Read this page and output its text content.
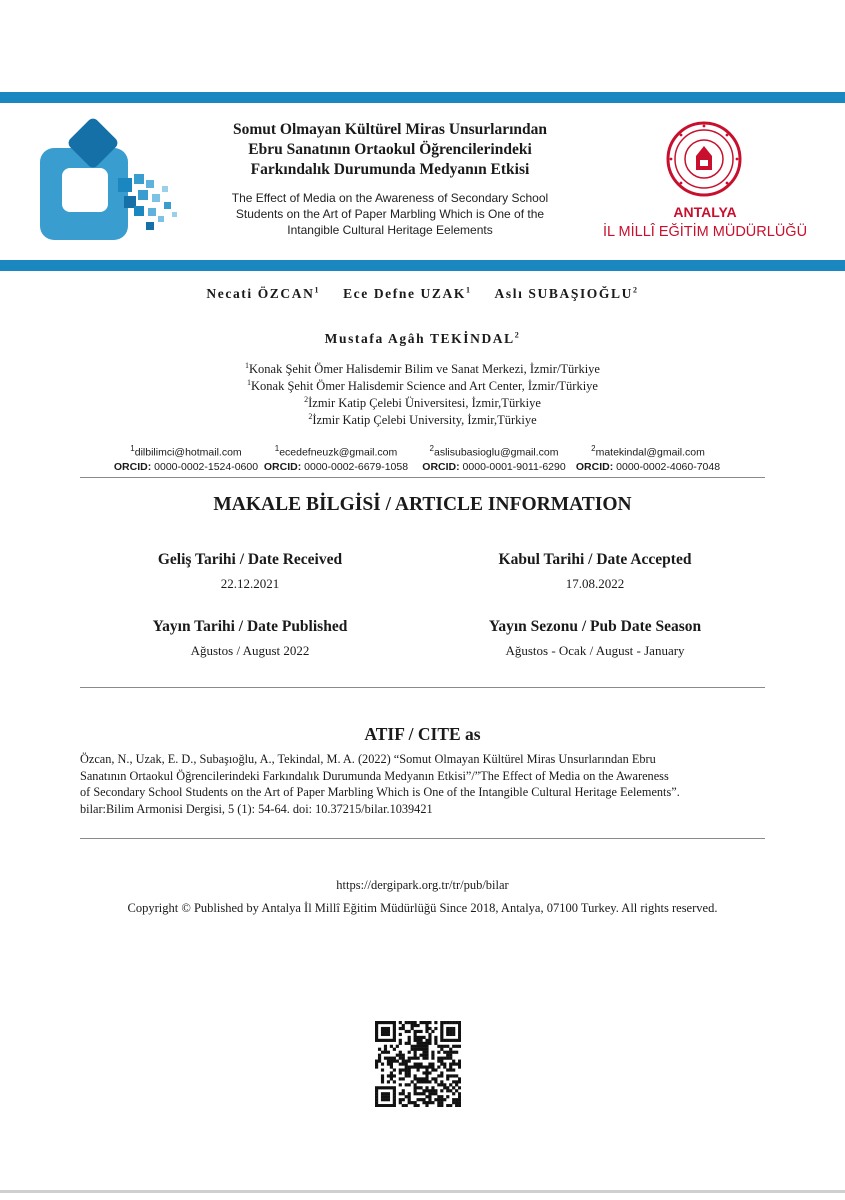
Somut Olmayan Kültürel Miras Unsurlarından
Ebru Sanatının Ortaokul Öğrencilerindeki
Farkındalık Durumunda Medyanın Etkisi
The Effect of Media on the Awareness of Secondary School
Students on the Art of Paper Marbling Which is One of the
Intangible Cultural Heritage Eelements
ANTALYA
İL MİLLÎ EĞİTİM MÜDÜRLÜĞÜ
Necati ÖZCAN$^1$ Ece Defne UZAK$^1$ Aslı SUBAŞIOĞLU$^2$
Mustafa Agâh TEKİNDAL$^2$
$^1$Konak Şehit Ömer Halisdemir Bilim ve Sanat Merkezi, İzmir/Türkiye
$^1$Konak Şehit Ömer Halisdemir Science and Art Center, İzmir/Türkiye
$^2$İzmir Katip Çelebi Üniversitesi, İzmir,Türkiye
$^2$İzmir Katip Çelebi University, İzmir,Türkiye
$^1$dilbilimci@hotmail.com
ORCID: 0000-0002-1524-0600
$^1$ecedefneuzk@gmail.com
ORCID: 0000-0002-6679-1058
$^2$aslisubasioglu@gmail.com
ORCID: 0000-0001-9011-6290
$^2$matekindal@gmail.com
ORCID: 0000-0002-4060-7048
MAKALE BİLGİSİ / ARTICLE INFORMATION
Geliş Tarihi / Date Received
22.12.2021
Kabul Tarihi / Date Accepted
17.08.2022
Yayın Tarihi / Date Published
Ağustos / August 2022
Yayın Sezonu / Pub Date Season
Ağustos - Ocak / August - January
ATIF / CITE as
Özcan, N., Uzak, E. D., Subaşıoğlu, A., Tekindal, M. A. (2022) “Somut Olmayan Kültürel Miras Unsurlarından Ebru
Sanatının Ortaokul Öğrencilerindeki Farkındalık Durumunda Medyanın Etkisi”/”The Effect of Media on the Awareness
of Secondary School Students on the Art of Paper Marbling Which is One of the Intangible Cultural Heritage Eelements”.
bilar:Bilim Armonisi Dergisi, 5 (1): 54-64. doi: 10.37215/bilar.1039421
https://dergipark.org.tr/tr/pub/bilar
Copyright © Published by Antalya İl Millî Eğitim Müdürlüğü Since 2018, Antalya, 07100 Turkey. All rights reserved.
